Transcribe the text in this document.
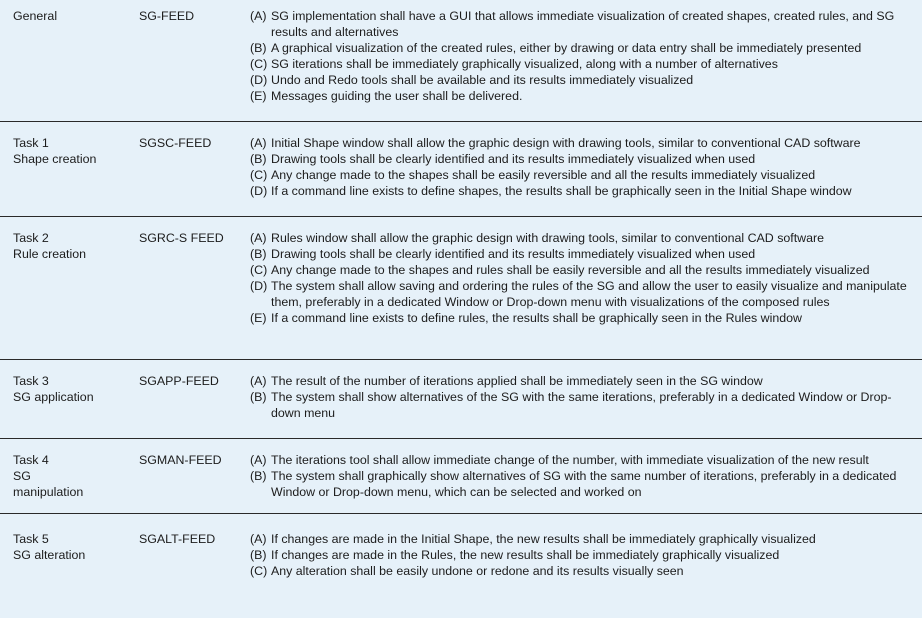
General	SG-FEED	(A) SG implementation shall have a GUI that allows immediate visualization of created shapes, created rules, and SG results and alternatives
(B) A graphical visualization of the created rules, either by drawing or data entry shall be immediately presented
(C) SG iterations shall be immediately graphically visualized, along with a number of alternatives
(D) Undo and Redo tools shall be available and its results immediately visualized
(E) Messages guiding the user shall be delivered.
Task 1
Shape creation
SGSC-FEED	(A) Initial Shape window shall allow the graphic design with drawing tools, similar to conventional CAD software
(B) Drawing tools shall be clearly identified and its results immediately visualized when used
(C) Any change made to the shapes shall be easily reversible and all the results immediately visualized
(D) If a command line exists to define shapes, the results shall be graphically seen in the Initial Shape window
Task 2
Rule creation
SGRC-S FEED	(A) Rules window shall allow the graphic design with drawing tools, similar to conventional CAD software
(B) Drawing tools shall be clearly identified and its results immediately visualized when used
(C) Any change made to the shapes and rules shall be easily reversible and all the results immediately visualized
(D) The system shall allow saving and ordering the rules of the SG and allow the user to easily visualize and manipulate them, preferably in a dedicated Window or Drop-down menu with visualizations of the composed rules
(E) If a command line exists to define rules, the results shall be graphically seen in the Rules window
Task 3
SG application
SGAPP-FEED	(A) The result of the number of iterations applied shall be immediately seen in the SG window
(B) The system shall show alternatives of the SG with the same iterations, preferably in a dedicated Window or Drop-down menu
Task 4
SG
manipulation
SGMAN-FEED	(A) The iterations tool shall allow immediate change of the number, with immediate visualization of the new result
(B) The system shall graphically show alternatives of SG with the same number of iterations, preferably in a dedicated Window or Drop-down menu, which can be selected and worked on
Task 5
SG alteration
SGALT-FEED	(A) If changes are made in the Initial Shape, the new results shall be immediately graphically visualized
(B) If changes are made in the Rules, the new results shall be immediately graphically visualized
(C) Any alteration shall be easily undone or redone and its results visually seen
